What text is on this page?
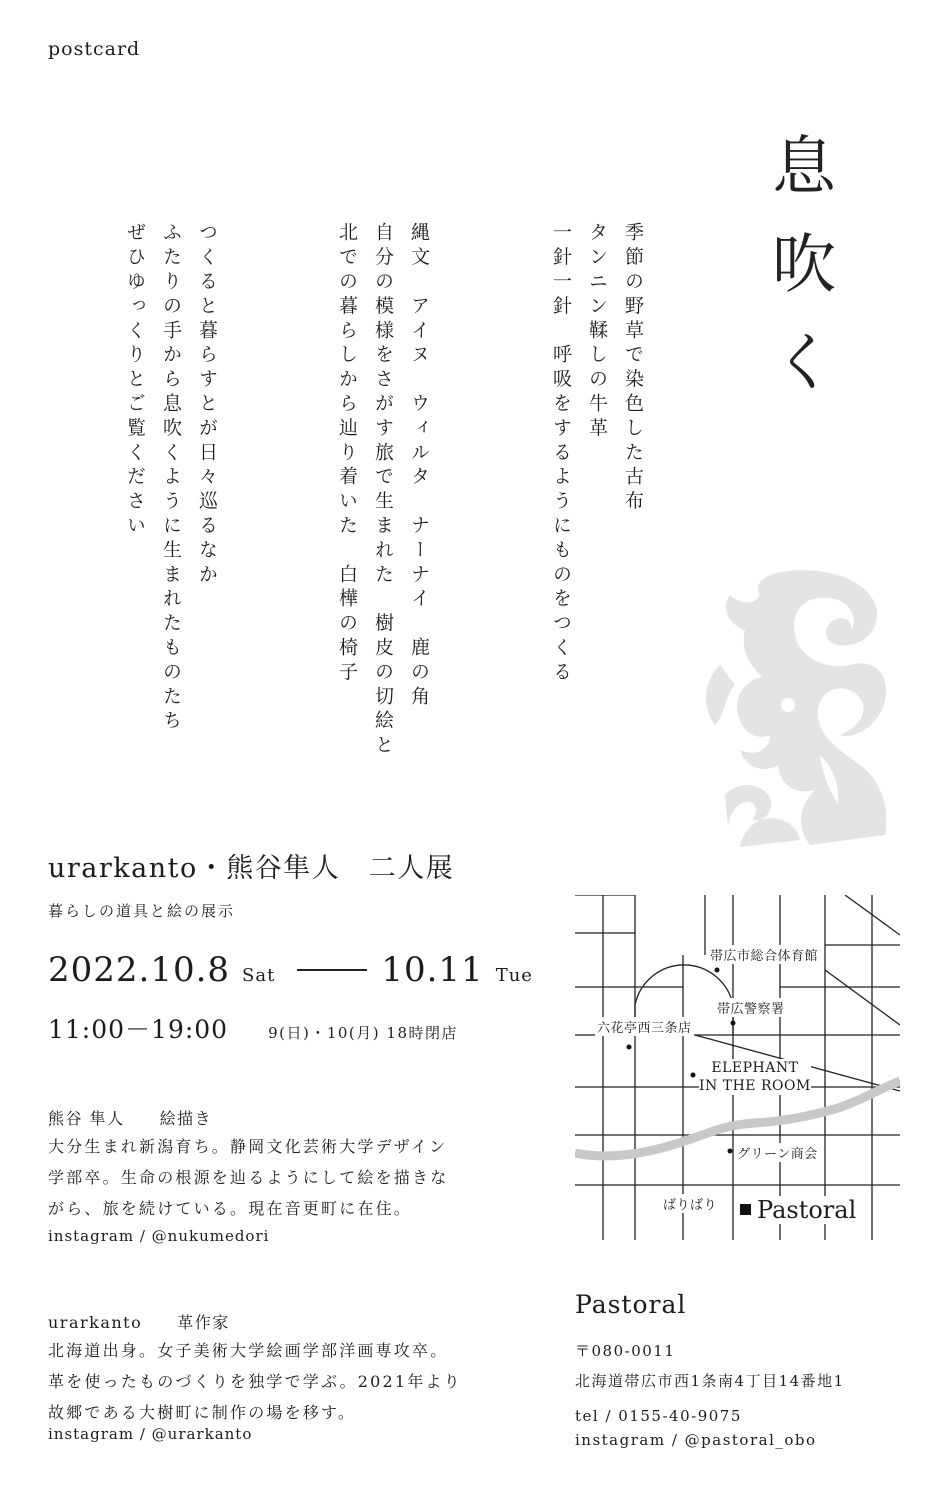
postcard
息吹く
季節の野草で染色した古布
タンニン鞣しの牛革
一針一針　呼吸をするようにものをつくる
縄文　アイヌ　ウィルタ　ナーナイ　鹿の角
自分の模様をさがす旅で生まれた　樹皮の切絵と
北での暮らしから辿り着いた　白樺の椅子
つくると暮らすとが日々巡るなか
ふたりの手から息吹くように生まれたものたち
ぜひゆっくりとご覧ください
urarkanto・熊谷隼人　二人展
暮らしの道具と絵の展示
2022.10.8 Sat	10.11 Tue
11:00－19:00	9(日)・10(月) 18時閉店
熊谷 隼人　　絵描き
大分生まれ新潟育ち。静岡文化芸術大学デザイン
学部卒。生命の根源を辿るようにして絵を描きな
がら、旅を続けている。現在音更町に在住。
instagram / @nukumedori
urarkanto　　革作家
北海道出身。女子美術大学絵画学部洋画専攻卒。
革を使ったものづくりを独学で学ぶ。2021年より
故郷である大樹町に制作の場を移す。
instagram / @urarkanto
帯広市総合体育館
帯広警察署
六花亭西三条店
ELEPHANT
IN THE ROOM
グリーン商会
ばりばり	Pastoral
Pastoral
〒080-0011
北海道帯広市西1条南4丁目14番地1
tel / 0155-40-9075
instagram / @pastoral_obo
